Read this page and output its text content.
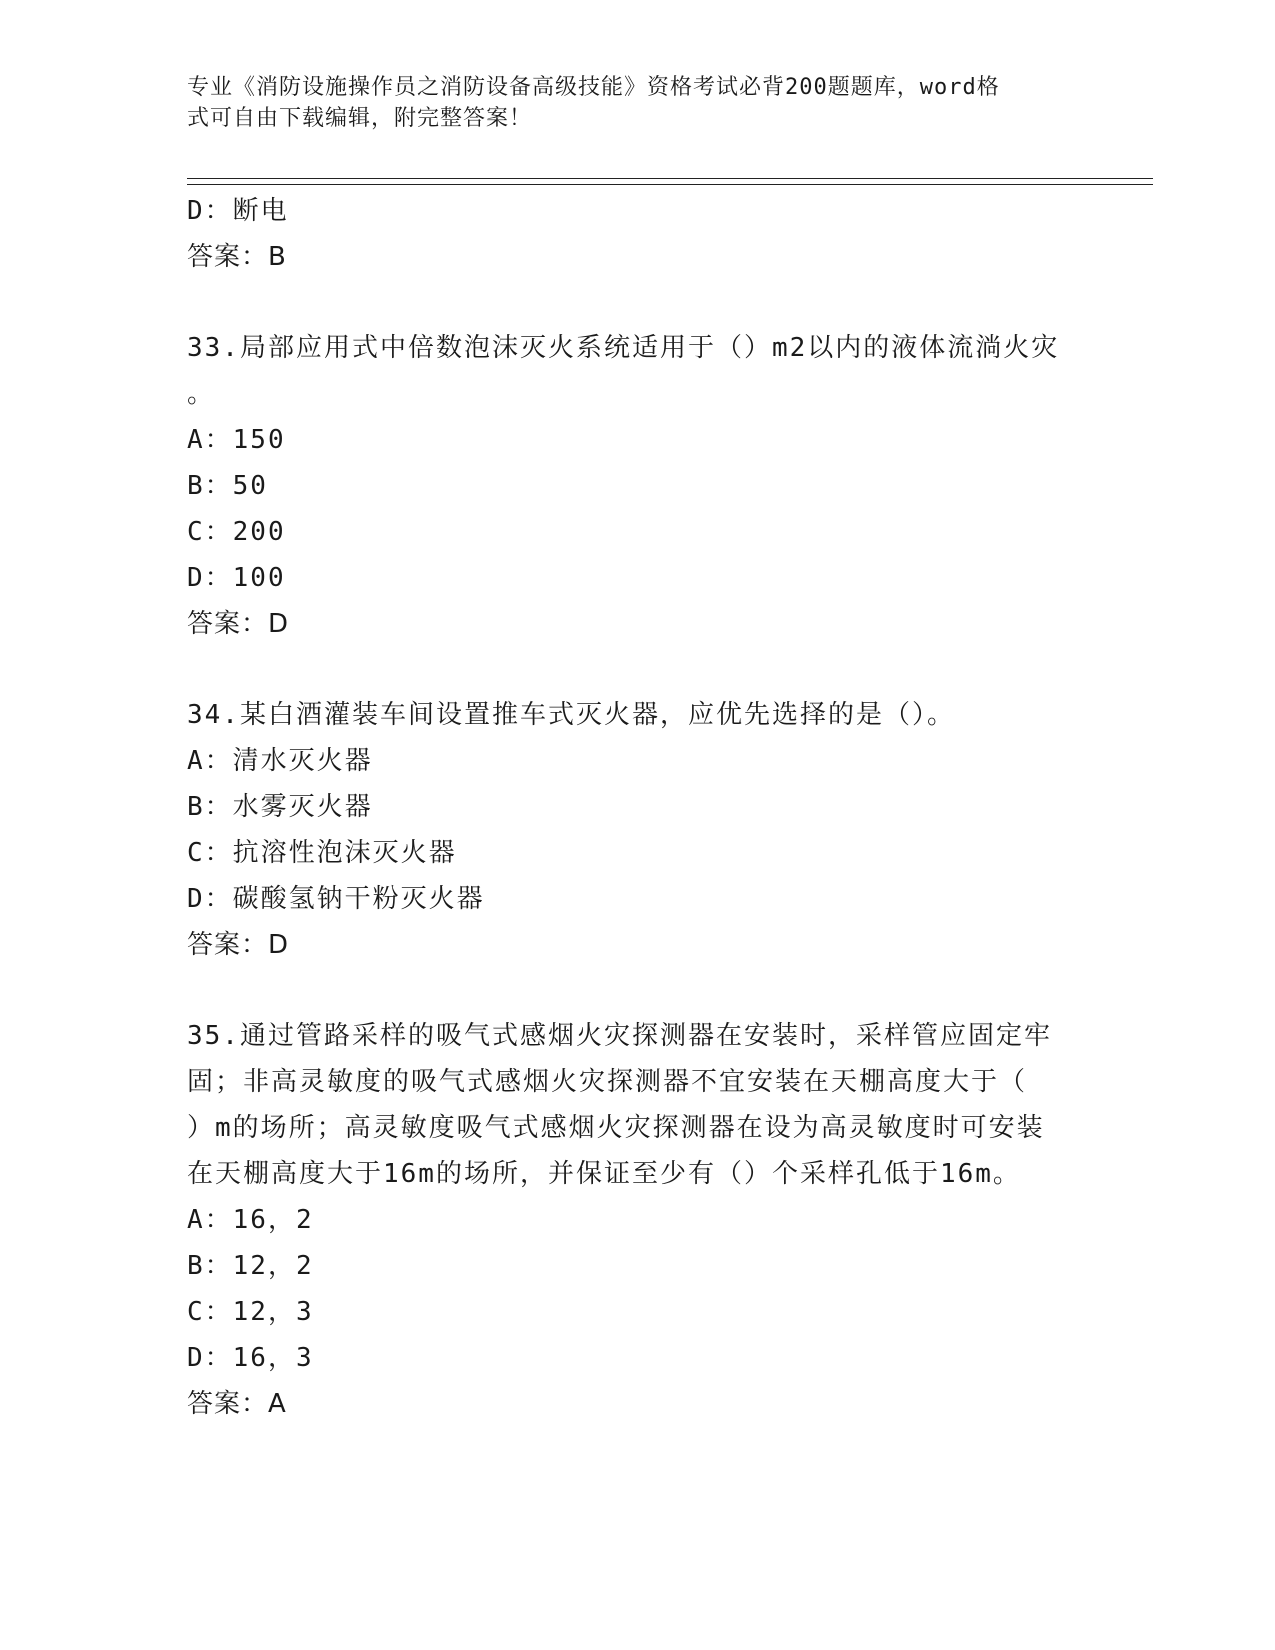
专业《消防设施操作员之消防设备高级技能》资格考试必背200题题库，word格
式可自由下载编辑，附完整答案！
D：断电
答案：B
33.局部应用式中倍数泡沫灭火系统适用于（）m2以内的液体流淌火灾
。
A：150
B：50
C：200
D：100
答案：D
34.某白酒灌装车间设置推车式灭火器，应优先选择的是（）。
A：清水灭火器
B：水雾灭火器
C：抗溶性泡沫灭火器
D：碳酸氢钠干粉灭火器
答案：D
35.通过管路采样的吸气式感烟火灾探测器在安装时，采样管应固定牢
固；非高灵敏度的吸气式感烟火灾探测器不宜安装在天棚高度大于（
）m的场所；高灵敏度吸气式感烟火灾探测器在设为高灵敏度时可安装
在天棚高度大于16m的场所，并保证至少有（）个采样孔低于16m。
A：16，2
B：12，2
C：12，3
D：16，3
答案：A
